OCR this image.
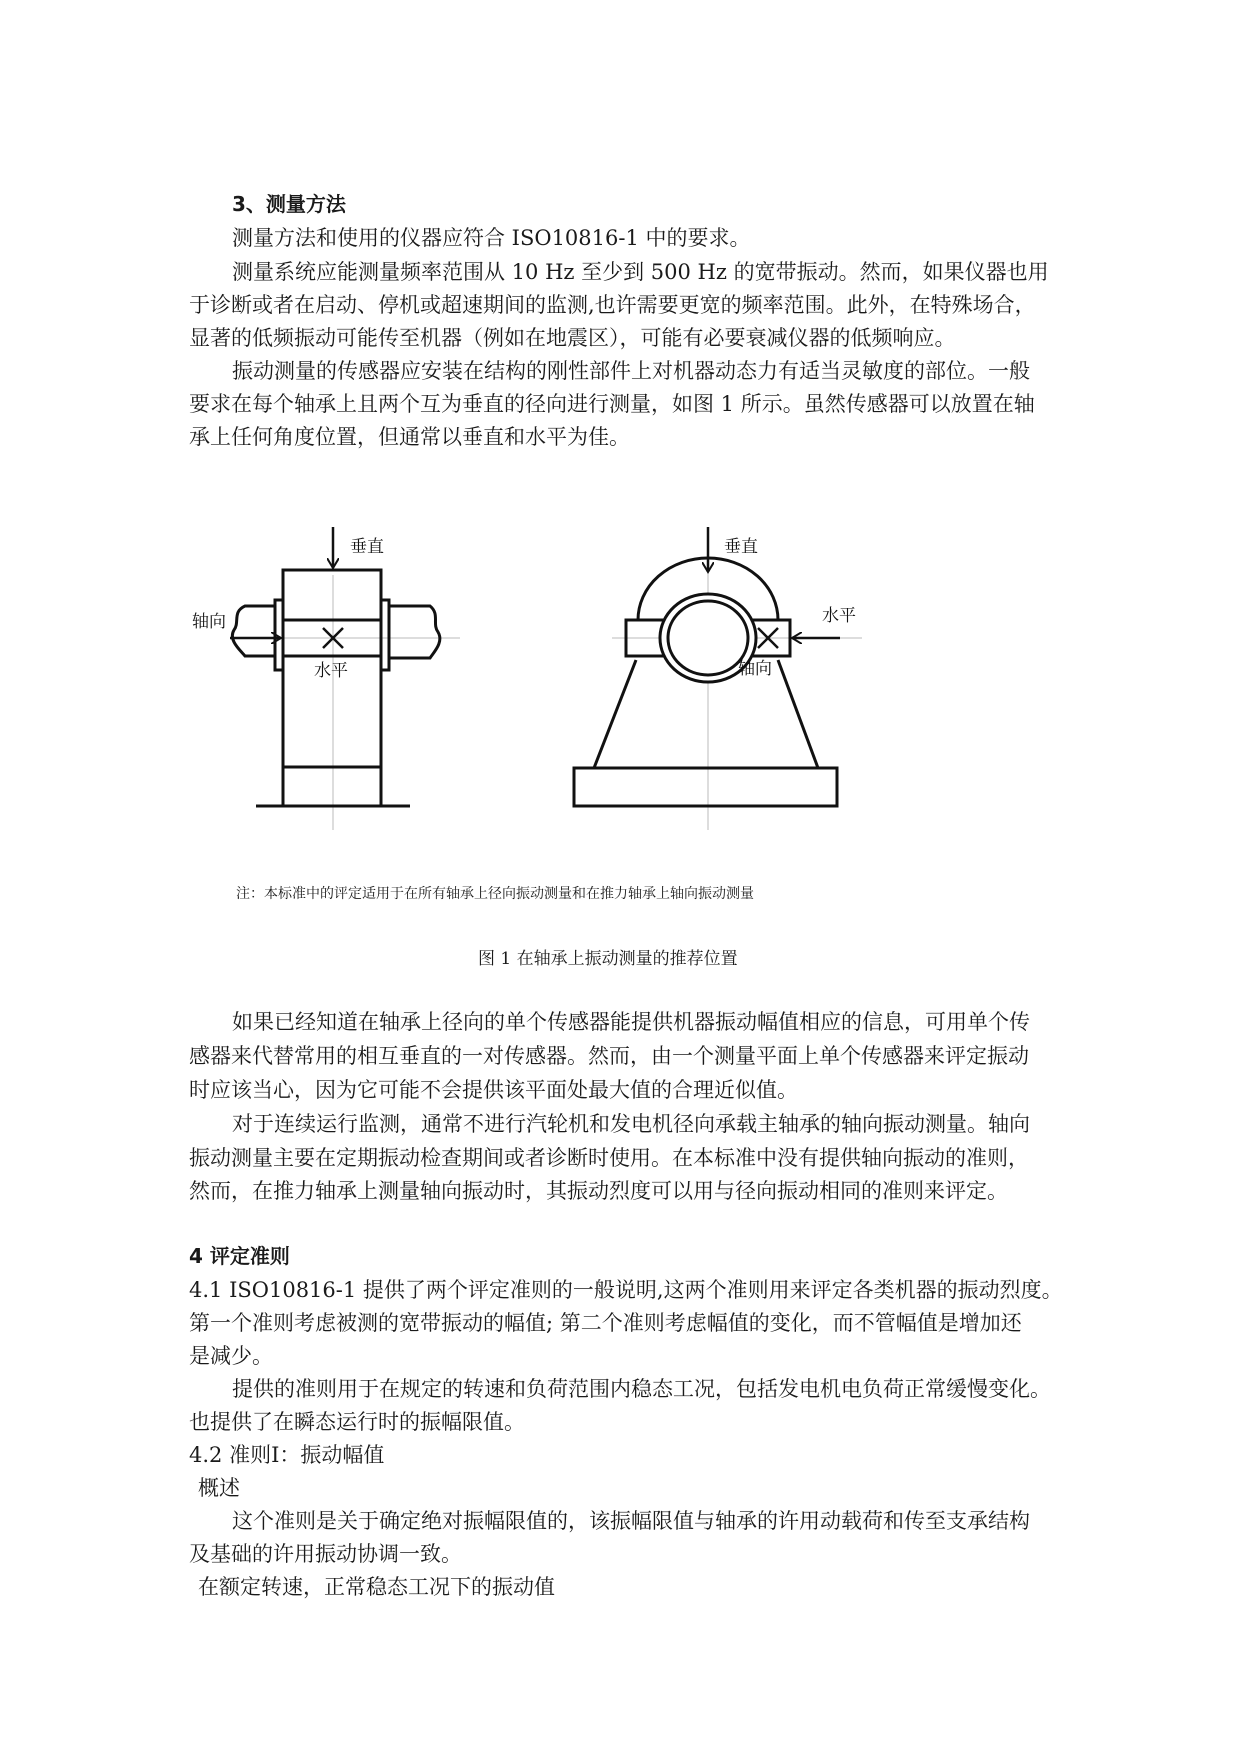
3、测量方法
测量方法和使用的仪器应符合 ISO10816-1 中的要求。
测量系统应能测量频率范围从 10 Hz 至少到 500 Hz 的宽带振动。然而，如果仪器也用
于诊断或者在启动、停机或超速期间的监测,也许需要更宽的频率范围。此外，在特殊场合，
显著的低频振动可能传至机器（例如在地震区），可能有必要衰减仪器的低频响应。
振动测量的传感器应安装在结构的刚性部件上对机器动态力有适当灵敏度的部位。一般
要求在每个轴承上且两个互为垂直的径向进行测量，如图 1 所示。虽然传感器可以放置在轴
承上任何角度位置，但通常以垂直和水平为佳。
垂直
轴向
水平
垂直
水平
轴向
注：本标准中的评定适用于在所有轴承上径向振动测量和在推力轴承上轴向振动测量
图 1 在轴承上振动测量的推荐位置
如果已经知道在轴承上径向的单个传感器能提供机器振动幅值相应的信息，可用单个传
感器来代替常用的相互垂直的一对传感器。然而，由一个测量平面上单个传感器来评定振动
时应该当心，因为它可能不会提供该平面处最大值的合理近似值。
对于连续运行监测，通常不进行汽轮机和发电机径向承载主轴承的轴向振动测量。轴向
振动测量主要在定期振动检查期间或者诊断时使用。在本标准中没有提供轴向振动的准则，
然而，在推力轴承上测量轴向振动时，其振动烈度可以用与径向振动相同的准则来评定。
4 评定准则
4.1 ISO10816-1 提供了两个评定准则的一般说明,这两个准则用来评定各类机器的振动烈度。
第一个准则考虑被测的宽带振动的幅值; 第二个准则考虑幅值的变化，而不管幅值是增加还
是减少。
提供的准则用于在规定的转速和负荷范围内稳态工况，包括发电机电负荷正常缓慢变化。
也提供了在瞬态运行时的振幅限值。
4.2 准则Ⅰ：振动幅值
概述
这个准则是关于确定绝对振幅限值的，该振幅限值与轴承的许用动载荷和传至支承结构
及基础的许用振动协调一致。
在额定转速，正常稳态工况下的振动值
